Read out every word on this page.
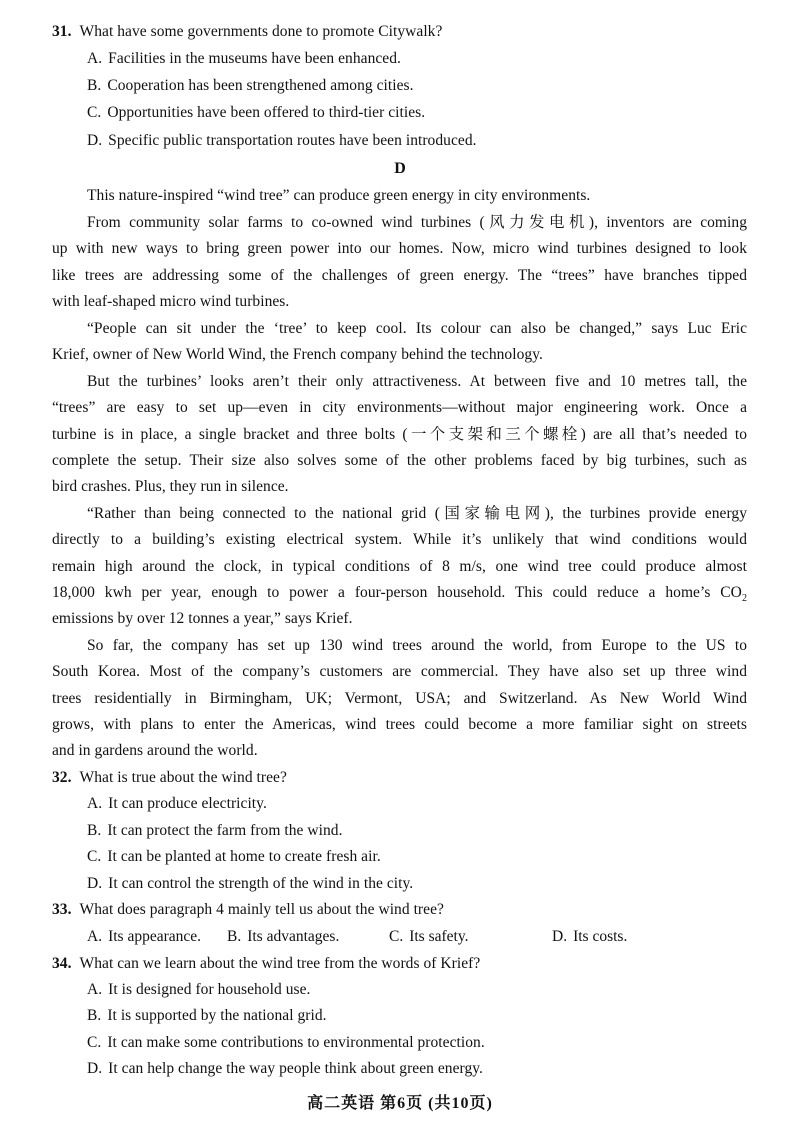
31. What have some governments done to promote Citywalk?
A. Facilities in the museums have been enhanced.
B. Cooperation has been strengthened among cities.
C. Opportunities have been offered to third-tier cities.
D. Specific public transportation routes have been introduced.
D
This nature-inspired “wind tree” can produce green energy in city environments.
From community solar farms to co-owned wind turbines (风力发电机), inventors are coming
up with new ways to bring green power into our homes. Now, micro wind turbines designed to look
like trees are addressing some of the challenges of green energy. The “trees” have branches tipped
with leaf-shaped micro wind turbines.
“People can sit under the ‘tree’ to keep cool. Its colour can also be changed,” says Luc Eric
Krief, owner of New World Wind, the French company behind the technology.
But the turbines’ looks aren’t their only attractiveness. At between five and 10 metres tall, the
“trees” are easy to set up—even in city environments—without major engineering work. Once a
turbine is in place, a single bracket and three bolts (一个支架和三个螺栓) are all that’s needed to
complete the setup. Their size also solves some of the other problems faced by big turbines, such as
bird crashes. Plus, they run in silence.
“Rather than being connected to the national grid (国家输电网), the turbines provide energy
directly to a building’s existing electrical system. While it’s unlikely that wind conditions would
remain high around the clock, in typical conditions of 8 m/s, one wind tree could produce almost
18,000 kwh per year, enough to power a four-person household. This could reduce a home’s $CO_2$
emissions by over 12 tonnes a year,” says Krief.
So far, the company has set up 130 wind trees around the world, from Europe to the US to
South Korea. Most of the company’s customers are commercial. They have also set up three wind
trees residentially in Birmingham, UK; Vermont, USA; and Switzerland. As New World Wind
grows, with plans to enter the Americas, wind trees could become a more familiar sight on streets
and in gardens around the world.
32. What is true about the wind tree?
A. It can produce electricity.
B. It can protect the farm from the wind.
C. It can be planted at home to create fresh air.
D. It can control the strength of the wind in the city.
33. What does paragraph 4 mainly tell us about the wind tree?
A. Its appearance. B. Its advantages.	C. Its safety.	D. Its costs.
34. What can we learn about the wind tree from the words of Krief?
A. It is designed for household use.
B. It is supported by the national grid.
C. It can make some contributions to environmental protection.
D. It can help change the way people think about green energy.
高二英语 第6页 (共10页)
